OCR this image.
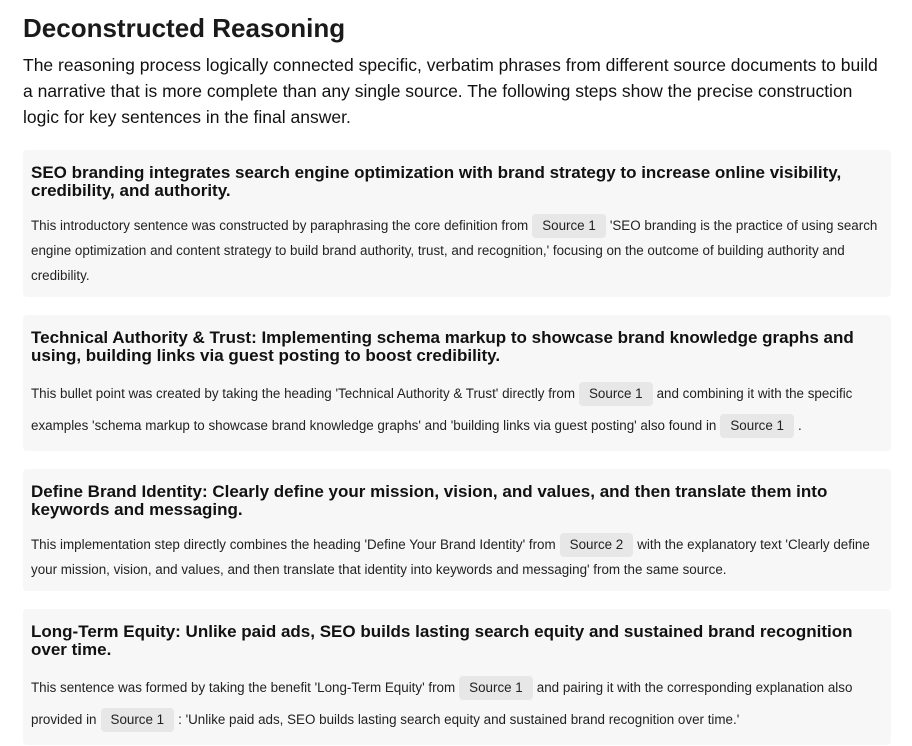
Deconstructed Reasoning

The reasoning process logically connected specific, verbatim phrases from different source documents to build a narrative that is more complete than any single source. The following steps show the precise construction logic for key sentences in the final answer.

SEO branding integrates search engine optimization with brand strategy to increase online visibility, credibility, and authority.

This introductory sentence was constructed by paraphrasing the core definition from Source 1 'SEO branding is the practice of using search engine optimization and content strategy to build brand authority, trust, and recognition,' focusing on the outcome of building authority and credibility.

Technical Authority & Trust: Implementing schema markup to showcase brand knowledge graphs and using, building links via guest posting to boost credibility.

This bullet point was created by taking the heading 'Technical Authority & Trust' directly from Source 1 and combining it with the specific examples 'schema markup to showcase brand knowledge graphs' and 'building links via guest posting' also found in Source 1 .

Define Brand Identity: Clearly define your mission, vision, and values, and then translate them into keywords and messaging.

This implementation step directly combines the heading 'Define Your Brand Identity' from Source 2 with the explanatory text 'Clearly define your mission, vision, and values, and then translate that identity into keywords and messaging' from the same source.

Long-Term Equity: Unlike paid ads, SEO builds lasting search equity and sustained brand recognition over time.

This sentence was formed by taking the benefit 'Long-Term Equity' from Source 1 and pairing it with the corresponding explanation also provided in Source 1 : 'Unlike paid ads, SEO builds lasting search equity and sustained brand recognition over time.'
